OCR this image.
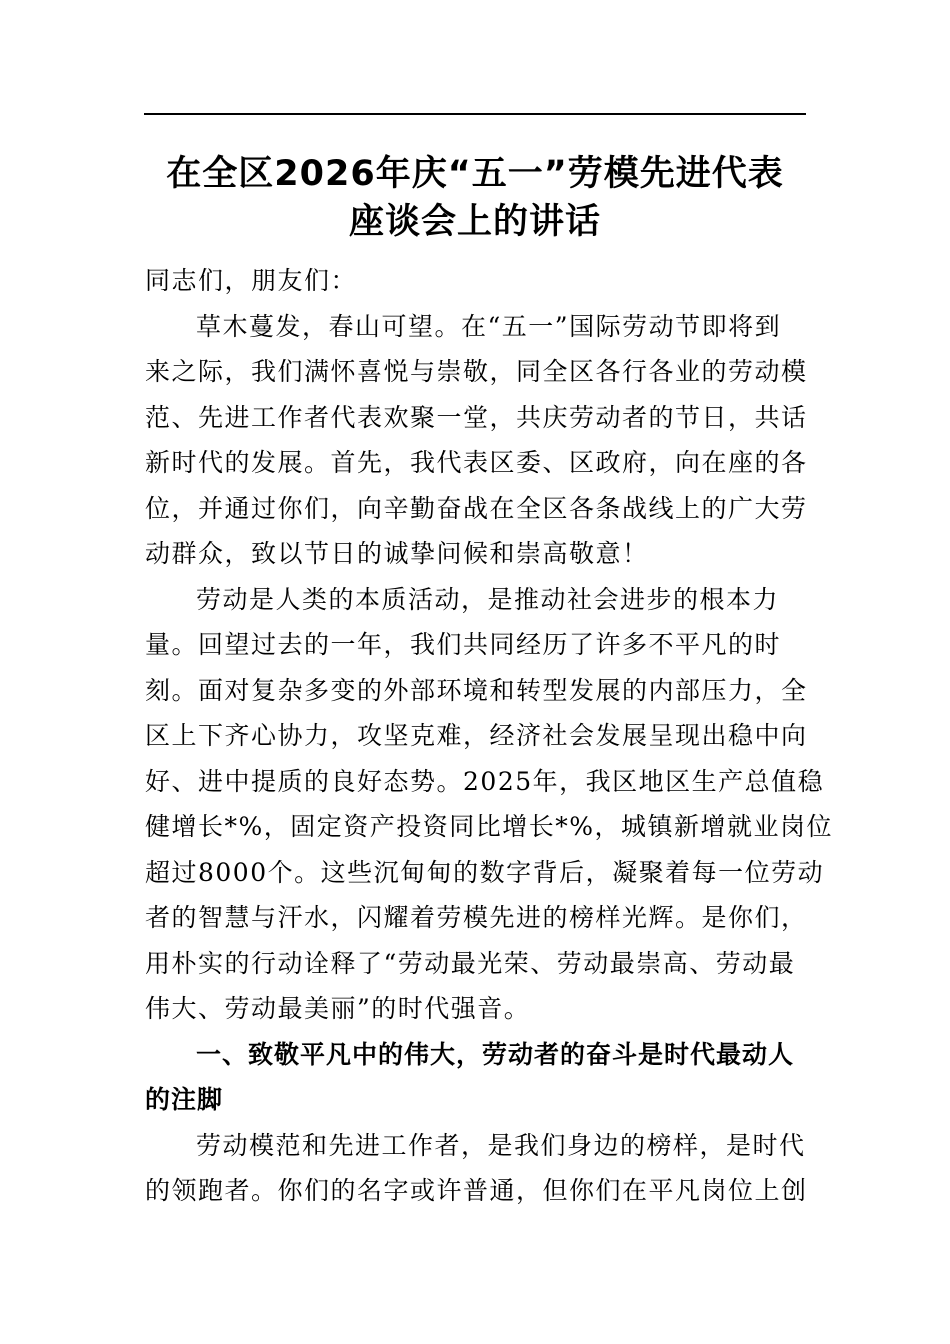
在全区2026年庆“五一”劳模先进代表
座谈会上的讲话
同志们，朋友们：
草木蔓发，春山可望。在“五一”国际劳动节即将到
来之际，我们满怀喜悦与崇敬，同全区各行各业的劳动模
范、先进工作者代表欢聚一堂，共庆劳动者的节日，共话
新时代的发展。首先，我代表区委、区政府，向在座的各
位，并通过你们，向辛勤奋战在全区各条战线上的广大劳
动群众，致以节日的诚挚问候和崇高敬意！
劳动是人类的本质活动，是推动社会进步的根本力
量。回望过去的一年，我们共同经历了许多不平凡的时
刻。面对复杂多变的外部环境和转型发展的内部压力，全
区上下齐心协力，攻坚克难，经济社会发展呈现出稳中向
好、进中提质的良好态势。2025年，我区地区生产总值稳
健增长*%，固定资产投资同比增长*%，城镇新增就业岗位
超过8000个。这些沉甸甸的数字背后，凝聚着每一位劳动
者的智慧与汗水，闪耀着劳模先进的榜样光辉。是你们，
用朴实的行动诠释了“劳动最光荣、劳动最崇高、劳动最
伟大、劳动最美丽”的时代强音。
一、致敬平凡中的伟大，劳动者的奋斗是时代最动人
的注脚
劳动模范和先进工作者，是我们身边的榜样，是时代
的领跑者。你们的名字或许普通，但你们在平凡岗位上创
